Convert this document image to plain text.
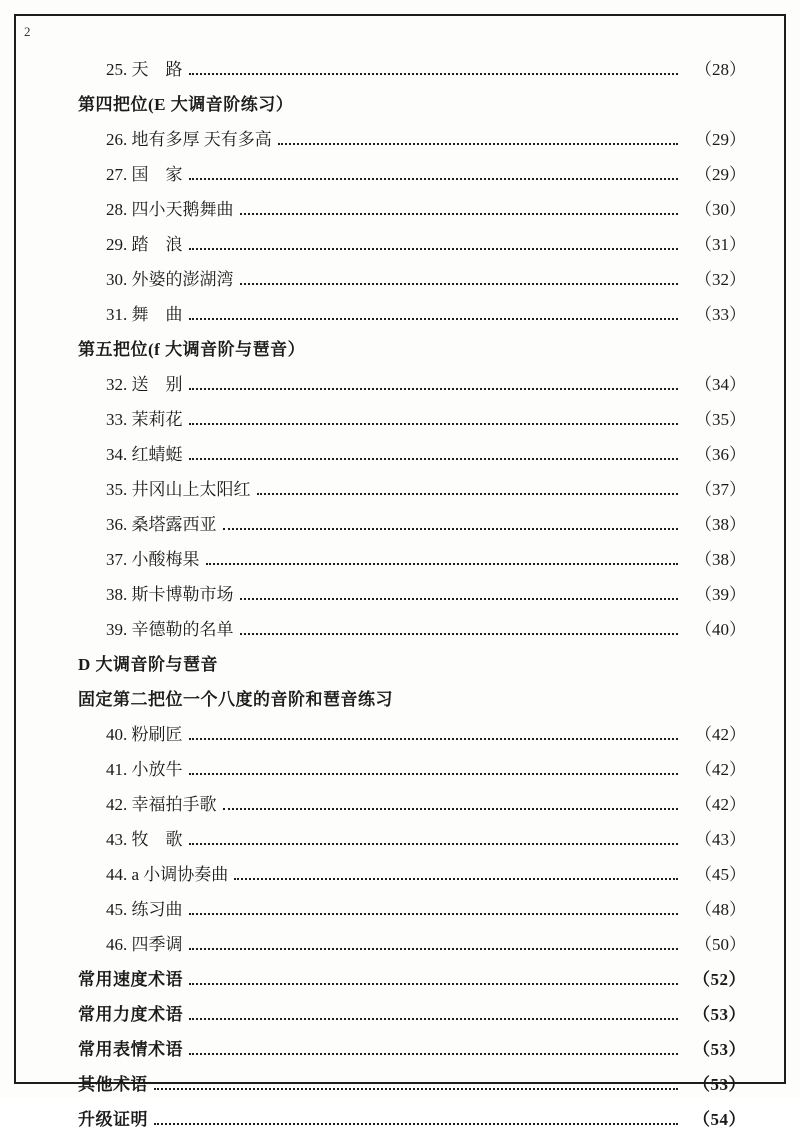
2
25. 天    路	（28）
第四把位(E 大调音阶练习）
26. 地有多厚 天有多高	（29）
27. 国    家	（29）
28. 四小天鹅舞曲	（30）
29. 踏    浪	（31）
30. 外婆的澎湖湾	（32）
31. 舞    曲	（33）
第五把位(f 大调音阶与琶音）
32. 送    别	（34）
33. 茉莉花	（35）
34. 红蜻蜓	（36）
35. 井冈山上太阳红	（37）
36. 桑塔露西亚	（38）
37. 小酸梅果	（38）
38. 斯卡博勒市场	（39）
39. 辛德勒的名单	（40）
D 大调音阶与琶音
固定第二把位一个八度的音阶和琶音练习
40. 粉刷匠	（42）
41. 小放牛	（42）
42. 幸福拍手歌	（42）
43. 牧    歌	（43）
44. a 小调协奏曲	（45）
45. 练习曲	（48）
46. 四季调	（50）
常用速度术语	（52）
常用力度术语	（53）
常用表情术语	（53）
其他术语	（53）
升级证明	（54）
